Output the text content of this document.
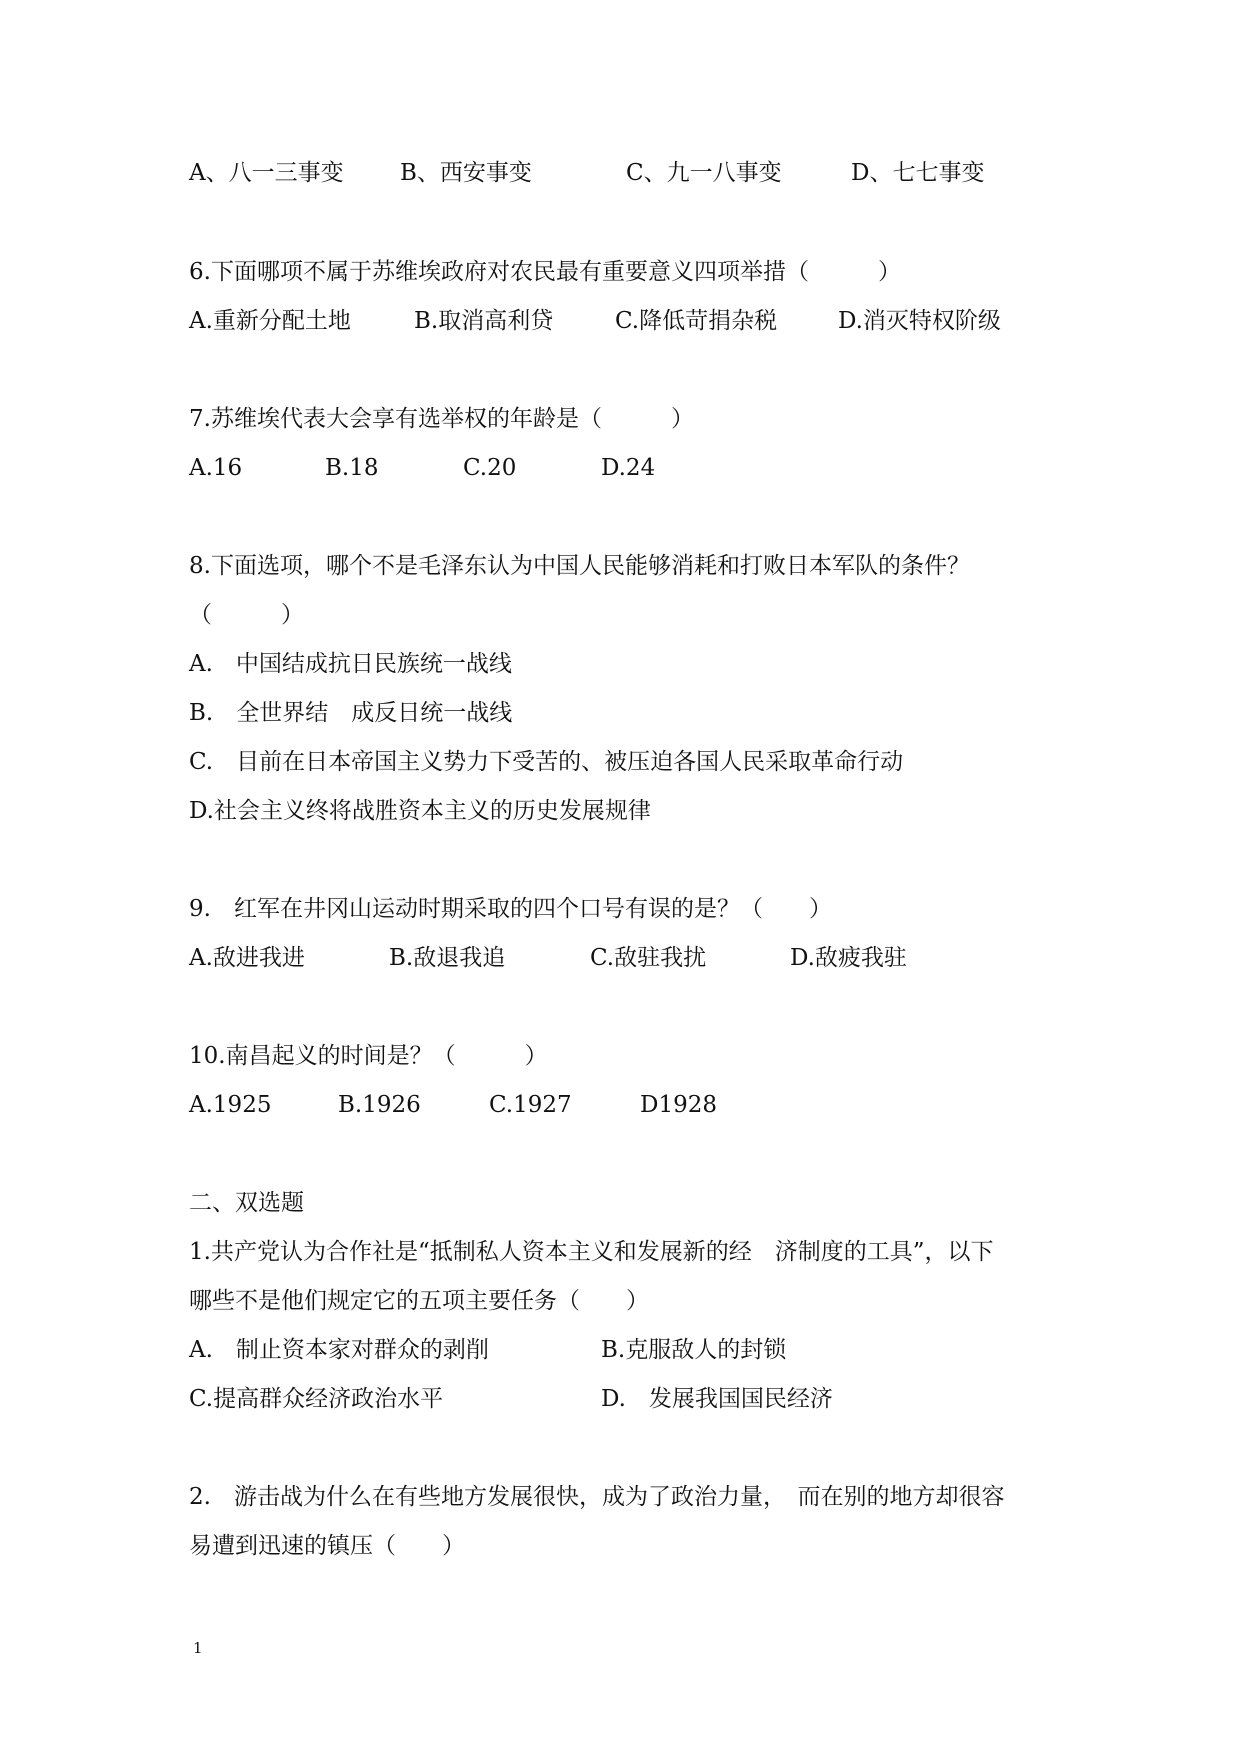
A、八一三事变 B、西安事变	C、九一八事变	D、七七事变
6.下面哪项不属于苏维埃政府对农民最有重要意义四项举措（　　　）
A.重新分配土地	B.取消高利贷	C.降低苛捐杂税	D.消灭特权阶级
7.苏维埃代表大会享有选举权的年龄是（　　　）
A.16	B.18	C.20	D.24
8.下面选项，哪个不是毛泽东认为中国人民能够消耗和打败日本军队的条件？
（　　　）
A.　中国结成抗日民族统一战线
B.　全世界结　成反日统一战线
C.　目前在日本帝国主义势力下受苦的、被压迫各国人民采取革命行动
D.社会主义终将战胜资本主义的历史发展规律
9.　红军在井冈山运动时期采取的四个口号有误的是？（　　）
A.敌进我进	B.敌退我追	C.敌驻我扰	D.敌疲我驻
10.南昌起义的时间是？（　　　）
A.1925	B.1926	C.1927	D1928
二、双选题
1.共产党认为合作社是“抵制私人资本主义和发展新的经　济制度的工具”，以下
哪些不是他们规定它的五项主要任务（　　）
A.　制止资本家对群众的剥削	B.克服敌人的封锁
C.提高群众经济政治水平	D.　发展我国国民经济
2.　游击战为什么在有些地方发展很快，成为了政治力量，　而在别的地方却很容
易遭到迅速的镇压（　　）
1
